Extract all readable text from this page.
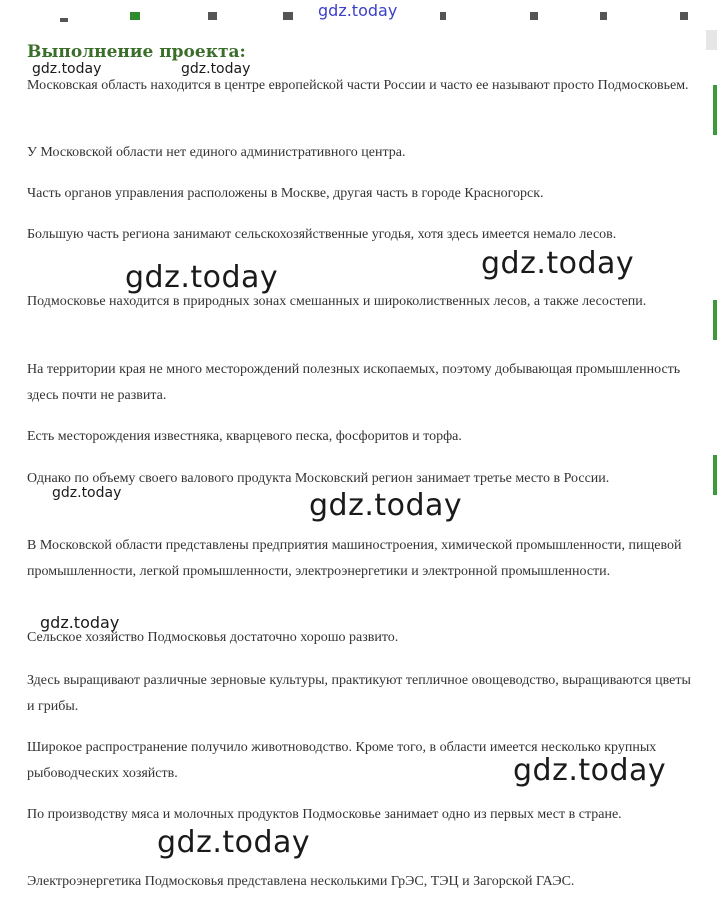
Выполнение проекта:

Московская область находится в центре европейской части России и часто ее называют просто Подмосковьем.

У Московской области нет единого административного центра.

Часть органов управления расположены в Москве, другая часть в городе Красногорск.

Большую часть региона занимают сельскохозяйственные угодья, хотя здесь имеется немало лесов.

Подмосковье находится в природных зонах смешанных и широколиственных лесов, а также лесостепи.

На территории края не много месторождений полезных ископаемых, поэтому добывающая промышленность здесь почти не развита.

Есть месторождения известняка, кварцевого песка, фосфоритов и торфа.

Однако по объему своего валового продукта Московский регион занимает третье место в России.

В Московской области представлены предприятия машиностроения, химической промышленности, пищевой промышленности, легкой промышленности, электроэнергетики и электронной промышленности.

Сельское хозяйство Подмосковья достаточно хорошо развито.

Здесь выращивают различные зерновые культуры, практикуют тепличное овощеводство, выращиваются цветы и грибы.

Широкое распространение получило животноводство. Кроме того, в области имеется несколько крупных рыбоводческих хозяйств.

По производству мяса и молочных продуктов Подмосковье занимает одно из первых мест в стране.

Электроэнергетика Подмосковья представлена несколькими ГрЭС, ТЭЦ и Загорской ГАЭС.

gdz.today
gdz.today	gdz.today
gdz.today	gdz.today
gdz.today	gdz.today
gdz.today
gdz.today
gdz.today
